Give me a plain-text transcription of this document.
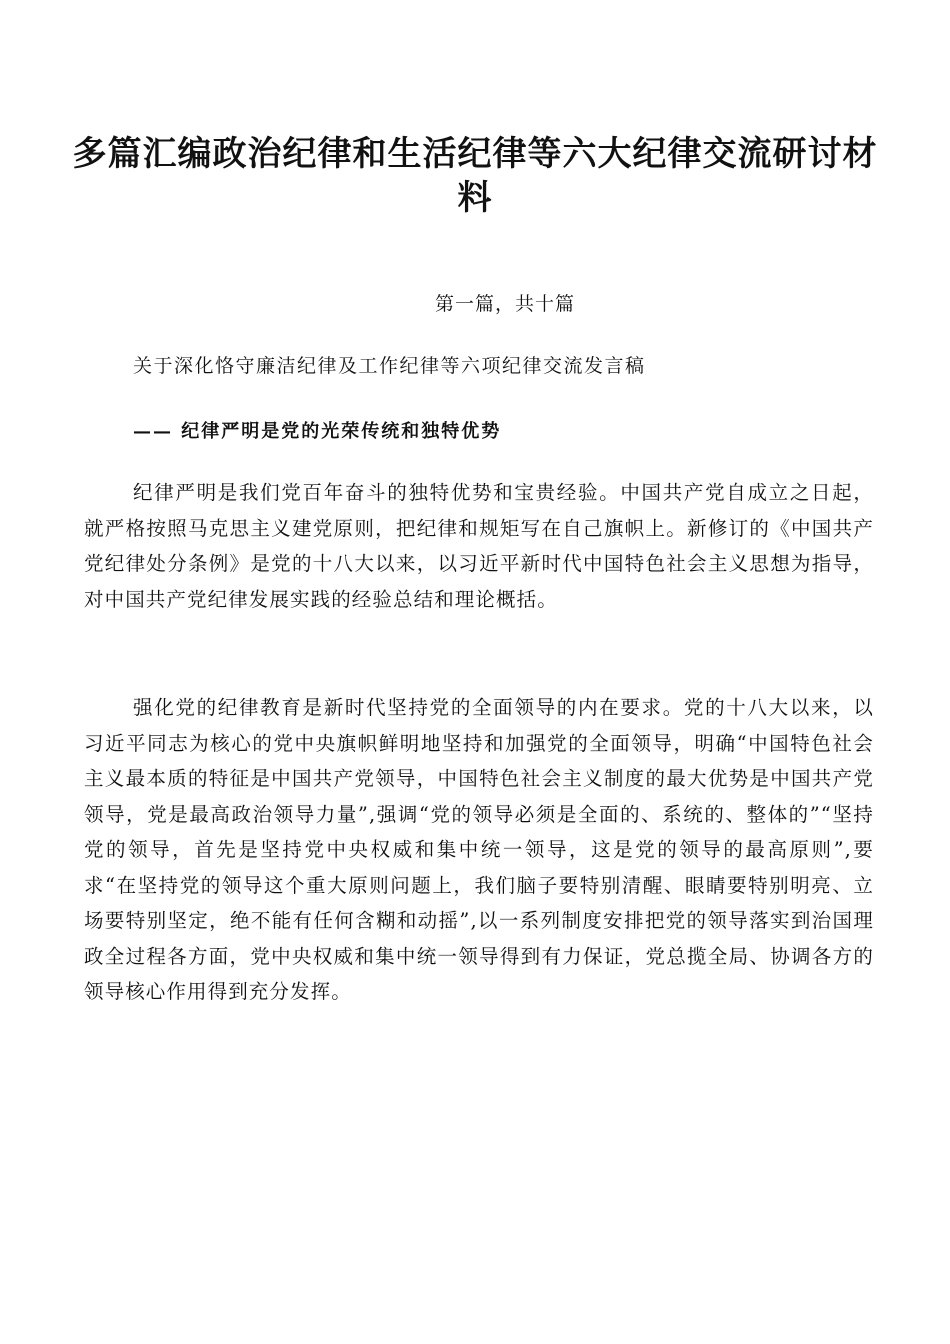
多篇汇编政治纪律和生活纪律等六大纪律交流研讨材料
第一篇，共十篇
关于深化恪守廉洁纪律及工作纪律等六项纪律交流发言稿
—— 纪律严明是党的光荣传统和独特优势

纪律严明是我们党百年奋斗的独特优势和宝贵经验。中国共产党自成立之日起，就严格按照马克思主义建党原则，把纪律和规矩写在自己旗帜上。新修订的《中国共产党纪律处分条例》是党的十八大以来，以习近平新时代中国特色社会主义思想为指导，对中国共产党纪律发展实践的经验总结和理论概括。

强化党的纪律教育是新时代坚持党的全面领导的内在要求。党的十八大以来，以习近平同志为核心的党中央旗帜鲜明地坚持和加强党的全面领导，明确“中国特色社会主义最本质的特征是中国共产党领导，中国特色社会主义制度的最大优势是中国共产党领导，党是最高政治领导力量”,强调“党的领导必须是全面的、系统的、整体的”“坚持党的领导，首先是坚持党中央权威和集中统一领导，这是党的领导的最高原则”,要求“在坚持党的领导这个重大原则问题上，我们脑子要特别清醒、眼睛要特别明亮、立场要特别坚定，绝不能有任何含糊和动摇”,以一系列制度安排把党的领导落实到治国理政全过程各方面，党中央权威和集中统一领导得到有力保证，党总揽全局、协调各方的领导核心作用得到充分发挥。
